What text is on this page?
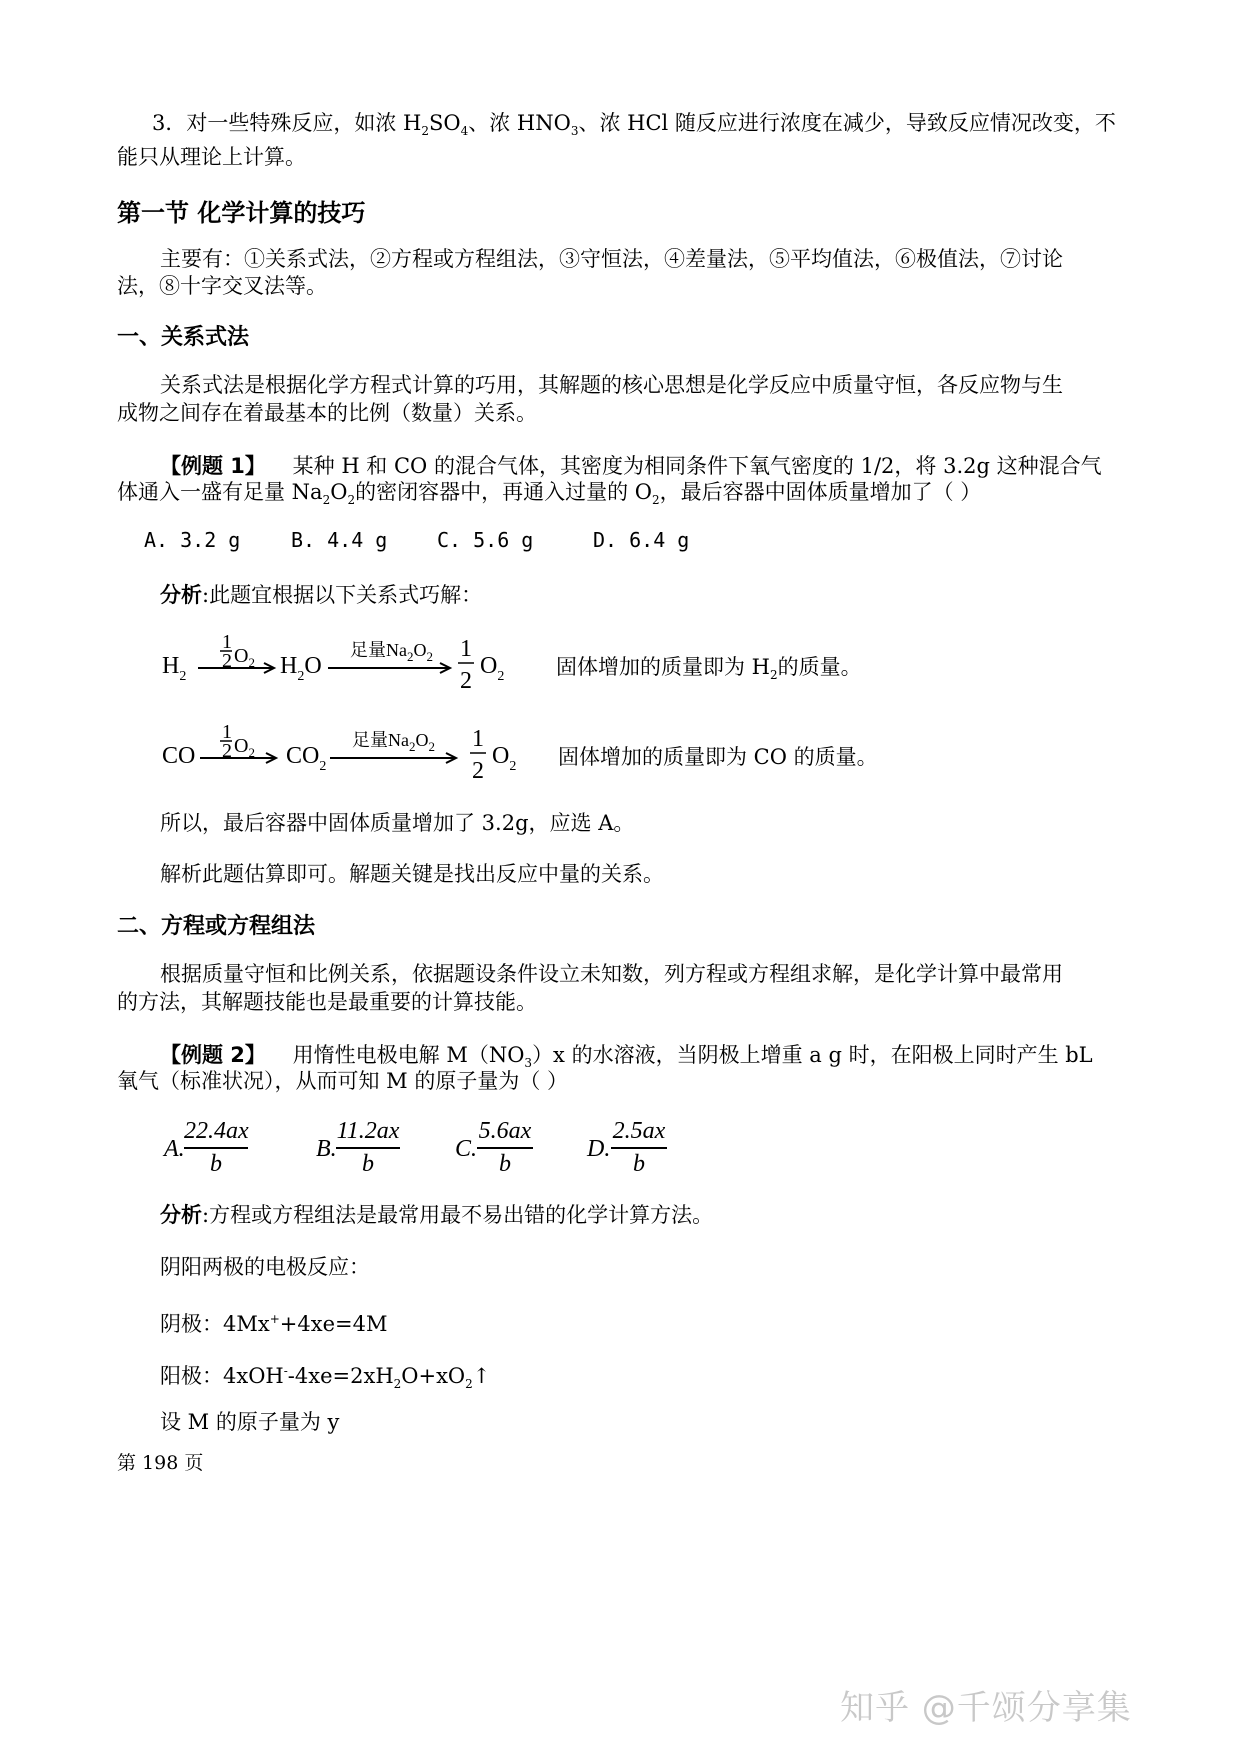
3．对一些特殊反应，如浓 $H_2SO_4$、浓 $HNO_3$、浓 HCl 随反应进行浓度在减少，导致反应情况改变，不
能只从理论上计算。
第一节 化学计算的技巧
主要有：①关系式法，②方程或方程组法，③守恒法，④差量法，⑤平均值法，⑥极值法，⑦讨论
法，⑧十字交叉法等。
一、关系式法
关系式法是根据化学方程式计算的巧用，其解题的核心思想是化学反应中质量守恒，各反应物与生
成物之间存在着最基本的比例（数量）关系。
【例题 1】 某种 H 和 CO 的混合气体，其密度为相同条件下氧气密度的 1/2，将 3.2g 这种混合气
体通入一盛有足量 $Na_2O_2$的密闭容器中，再通入过量的 $O_2$，最后容器中固体质量增加了（ ）
A. 3.2 g	B. 4.4 g C. 5.6 g	D. 6.4 g
分析:此题宜根据以下关系式巧解：
$H_2$
1
2 $O_2$ $H_2O$
足量$Na_2O_2$ 1
2
$O_2$ 固体增加的质量即为 $H_2$的质量。
CO
1
2 $O_2$ $CO_2$
足量$Na_2O_2$ 1
2
$O_2$ 固体增加的质量即为 CO 的质量。
所以，最后容器中固体质量增加了 3.2g，应选 A。
解析此题估算即可。解题关键是找出反应中量的关系。
二、方程或方程组法
根据质量守恒和比例关系，依据题设条件设立未知数，列方程或方程组求解，是化学计算中最常用
的方法，其解题技能也是最重要的计算技能。
【例题 2】 用惰性电极电解 $M(NO_3)x$ 的水溶液，当阴极上增重 a g 时，在阳极上同时产生 bL
氧气（标准状况），从而可知 M 的原子量为（ ）
A.
22.4ax
b
B.
11.2ax
b
C.
5.6ax
b
D.
2.5ax
b
分析:方程或方程组法是最常用最不易出错的化学计算方法。
阴阳两极的电极反应：
阴极：4Mx++4xe=4M
阳极：$4xOH^--4xe=2xH_2O+xO_2↑$
设 M 的原子量为 y
第 198 页
知乎 @千颂分享集
